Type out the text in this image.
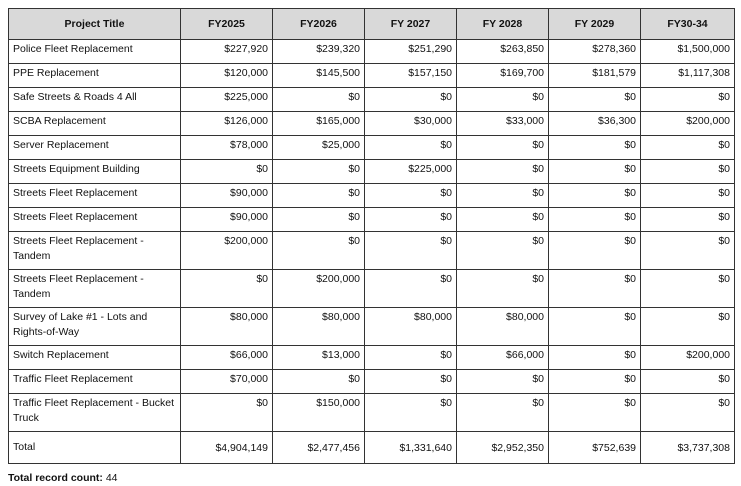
Project Title	FY2025	FY2026	FY 2027	FY 2028	FY 2029	FY30-34
Police Fleet Replacement	$227,920	$239,320	$251,290	$263,850	$278,360	$1,500,000
PPE Replacement	$120,000	$145,500	$157,150	$169,700	$181,579	$1,117,308
Safe Streets & Roads 4 All	$225,000	$0	$0	$0	$0	$0
SCBA Replacement	$126,000	$165,000	$30,000	$33,000	$36,300	$200,000
Server Replacement	$78,000	$25,000	$0	$0	$0	$0
Streets Equipment Building	$0	$0	$225,000	$0	$0	$0
Streets Fleet Replacement	$90,000	$0	$0	$0	$0	$0
Streets Fleet Replacement	$90,000	$0	$0	$0	$0	$0
Streets Fleet Replacement - Tandem	$200,000	$0	$0	$0	$0	$0
Streets Fleet Replacement - Tandem	$0	$200,000	$0	$0	$0	$0
Survey of Lake #1 - Lots and Rights-of-Way	$80,000	$80,000	$80,000	$80,000	$0	$0
Switch Replacement	$66,000	$13,000	$0	$66,000	$0	$200,000
Traffic Fleet Replacement	$70,000	$0	$0	$0	$0	$0
Traffic Fleet Replacement - Bucket Truck	$0	$150,000	$0	$0	$0	$0
Total	$4,904,149	$2,477,456	$1,331,640	$2,952,350	$752,639	$3,737,308
Total record count: 44
